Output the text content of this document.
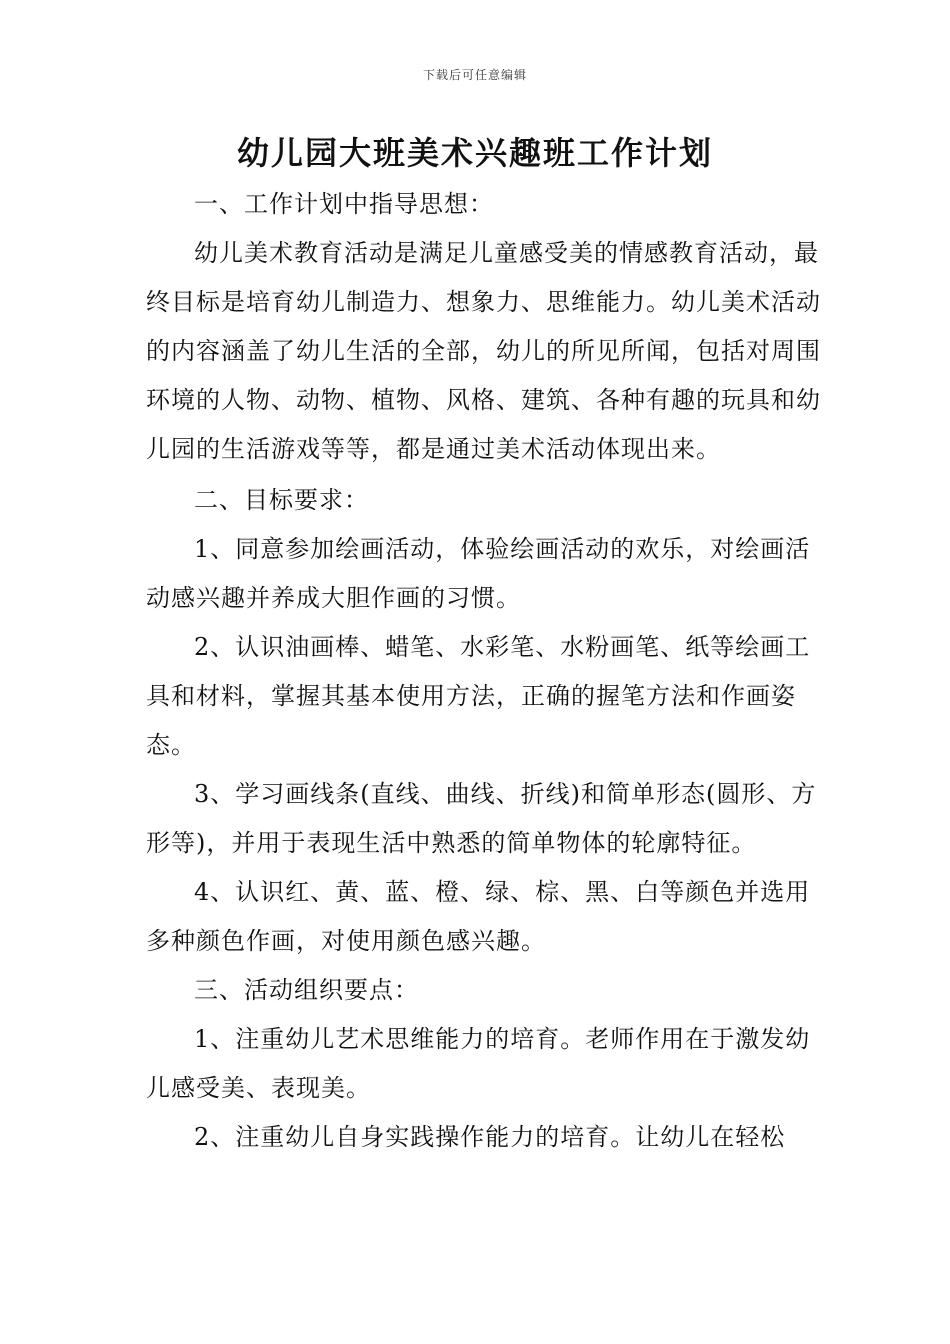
下载后可任意编辑
幼儿园大班美术兴趣班工作计划

一、工作计划中指导思想：

幼儿美术教育活动是满足儿童感受美的情感教育活动，最终目标是培育幼儿制造力、想象力、思维能力。幼儿美术活动的内容涵盖了幼儿生活的全部，幼儿的所见所闻，包括对周围环境的人物、动物、植物、风格、建筑、各种有趣的玩具和幼儿园的生活游戏等等，都是通过美术活动体现出来。

二、目标要求：

1、同意参加绘画活动，体验绘画活动的欢乐，对绘画活动感兴趣并养成大胆作画的习惯。

2、认识油画棒、蜡笔、水彩笔、水粉画笔、纸等绘画工具和材料，掌握其基本使用方法，正确的握笔方法和作画姿态。

3、学习画线条(直线、曲线、折线)和简单形态(圆形、方形等)，并用于表现生活中熟悉的简单物体的轮廓特征。

4、认识红、黄、蓝、橙、绿、棕、黑、白等颜色并选用多种颜色作画，对使用颜色感兴趣。

三、活动组织要点：

1、注重幼儿艺术思维能力的培育。老师作用在于激发幼儿感受美、表现美。

2、注重幼儿自身实践操作能力的培育。让幼儿在轻松
